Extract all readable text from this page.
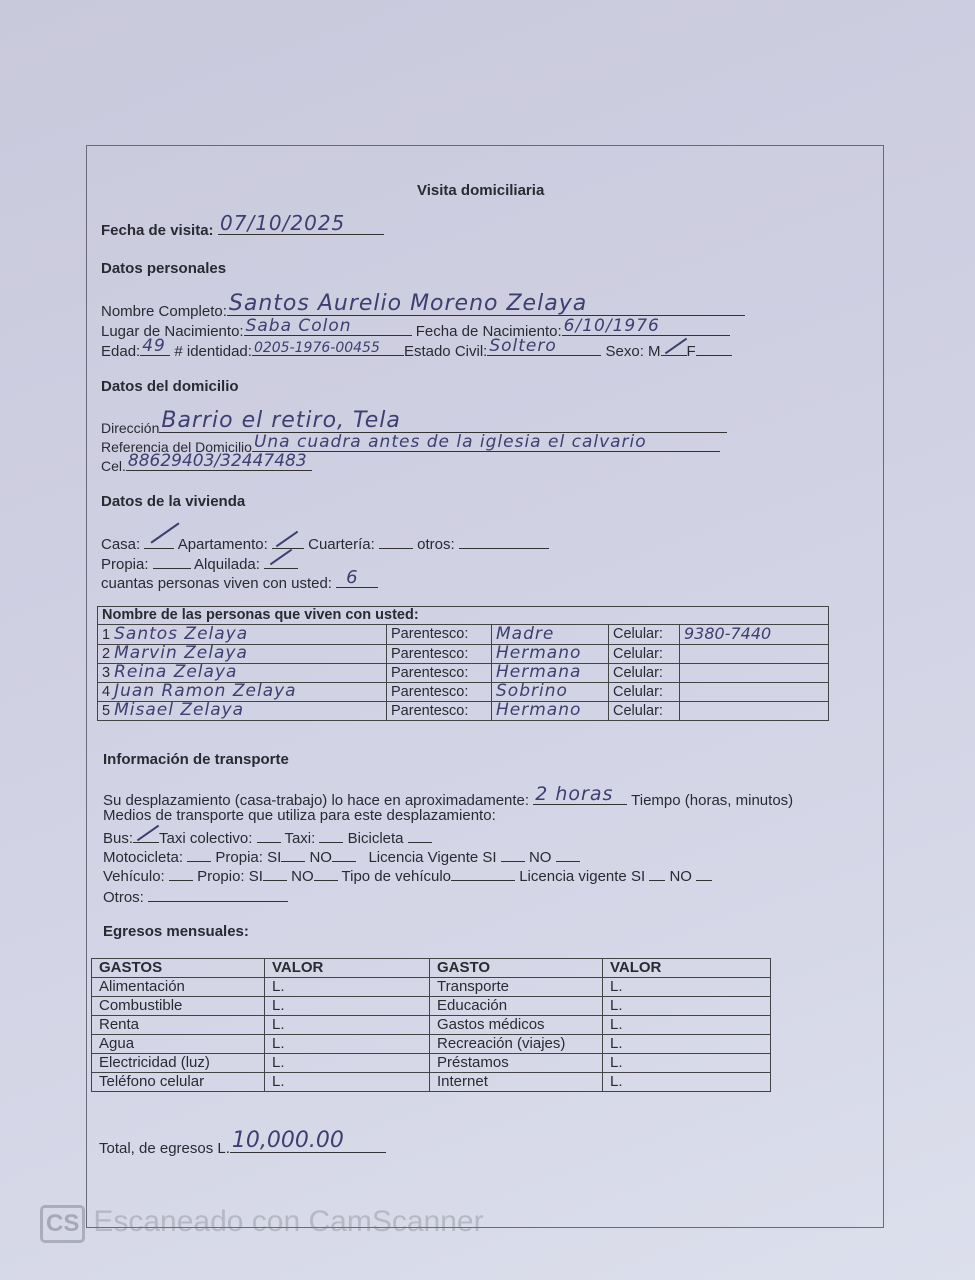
Visita domiciliaria
Fecha de visita: 07/10/2025
Datos personales
Nombre Completo: Santos Aurelio Moreno Zelaya
Lugar de Nacimiento: Saba Colon	Fecha de Nacimiento: 6/10/1976
Edad: 49 # identidad: 0205-1976-00455 Estado Civil: Soltero	Sexo: M F
Datos del domicilio
Dirección Barrio el retiro, Tela
Referencia del Domicilio Una cuadra antes de la iglesia el calvario
Cel. 88629403/32447483
Datos de la vivienda
Casa:	Apartamento:	Cuartería:	otros:
Propia:	Alquilada:
cuantas personas viven con usted: 6
Nombre de las personas que viven con usted:				
1 Santos Zelaya	Parentesco:	Madre	Celular:	9380-7440
2 Marvin Zelaya	Parentesco:	Hermano	Celular:	
3 Reina Zelaya	Parentesco:	Hermana	Celular:	
4 Juan Ramon Zelaya	Parentesco:	Sobrino	Celular:	
5 Misael Zelaya	Parentesco:	Hermano	Celular:	
Información de transporte
Su desplazamiento (casa-trabajo) lo hace en aproximadamente: 2 horas Tiempo (horas, minutos)
Medios de transporte que utiliza para este desplazamiento:
Bus: Taxi colectivo: Taxi: Bicicleta
Motocicleta: Propia: SI NO Licencia Vigente SI NO
Vehículo: Propio: SI NO Tipo de vehículo	Licencia vigente SI NO
Otros:
Egresos mensuales:
GASTOS	VALOR	GASTO	VALOR
Alimentación	L.	Transporte	L.
Combustible	L.	Educación	L.
Renta	L.	Gastos médicos	L.
Agua	L.	Recreación (viajes)	L.
Electricidad (luz)	L.	Préstamos	L.
Teléfono celular	L.	Internet	L.
Total, de egresos L. 10,000.00
CS Escaneado con CamScanner
